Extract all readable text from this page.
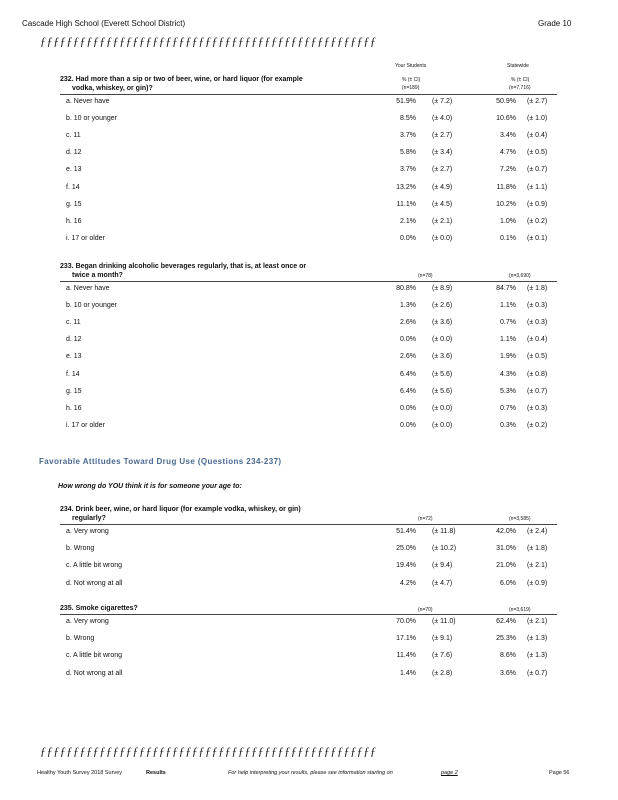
Cascade High School (Everett School District)	Grade 10
ƒƒƒƒƒƒƒƒƒƒƒƒƒƒƒƒƒƒƒƒƒƒƒƒƒƒƒƒƒƒƒƒƒƒƒƒƒƒƒƒƒƒƒƒƒƒƒƒƒƒƒ
Your Students	Statewide
% (± CI)	% (± CI)
232. Had more than a sip or two of beer, wine, or hard liquor (for example
vodka, whiskey, or gin)?	(n=189)	(n=7,716)
a. Never have	51.9% (± 7.2)	50.9% (± 2.7)
b. 10 or younger	8.5% (± 4.0)	10.6% (± 1.0)
c. 11	3.7% (± 2.7)	3.4% (± 0.4)
d. 12	5.8% (± 3.4)	4.7% (± 0.5)
e. 13	3.7% (± 2.7)	7.2% (± 0.7)
f. 14	13.2% (± 4.9)	11.8% (± 1.1)
g. 15	11.1% (± 4.5)	10.2% (± 0.9)
h. 16	2.1% (± 2.1)	1.0% (± 0.2)
i. 17 or older	0.0% (± 0.0)	0.1% (± 0.1)
233. Began drinking alcoholic beverages regularly, that is, at least once or
twice a month?	(n=78)	(n=3,690)
a. Never have	80.8% (± 8.9)	84.7% (± 1.8)
b. 10 or younger	1.3% (± 2.6)	1.1% (± 0.3)
c. 11	2.6% (± 3.6)	0.7% (± 0.3)
d. 12	0.0% (± 0.0)	1.1% (± 0.4)
e. 13	2.6% (± 3.6)	1.9% (± 0.5)
f. 14	6.4% (± 5.6)	4.3% (± 0.8)
g. 15	6.4% (± 5.6)	5.3% (± 0.7)
h. 16	0.0% (± 0.0)	0.7% (± 0.3)
i. 17 or older	0.0% (± 0.0)	0.3% (± 0.2)
Favorable Attitudes Toward Drug Use (Questions 234-237)
How wrong do YOU think it is for someone your age to:
234. Drink beer, wine, or hard liquor (for example vodka, whiskey, or gin)
regularly?	(n=72)	(n=3,585)
a. Very wrong	51.4% (± 11.8)	42.0% (± 2.4)
b. Wrong	25.0% (± 10.2)	31.0% (± 1.8)
c. A little bit wrong	19.4% (± 9.4)	21.0% (± 2.1)
d. Not wrong at all	4.2% (± 4.7)	6.0% (± 0.9)
235. Smoke cigarettes?	(n=70)	(n=3,619)
a. Very wrong	70.0% (± 11.0)	62.4% (± 2.1)
b. Wrong	17.1% (± 9.1)	25.3% (± 1.3)
c. A little bit wrong	11.4% (± 7.6)	8.6% (± 1.3)
d. Not wrong at all	1.4% (± 2.8)	3.6% (± 0.7)
ƒƒƒƒƒƒƒƒƒƒƒƒƒƒƒƒƒƒƒƒƒƒƒƒƒƒƒƒƒƒƒƒƒƒƒƒƒƒƒƒƒƒƒƒƒƒƒƒƒƒƒ
Healthy Youth Survey 2018 Survey	Results	For help interpreting your results, please see information starting on	page 2	Page 56
